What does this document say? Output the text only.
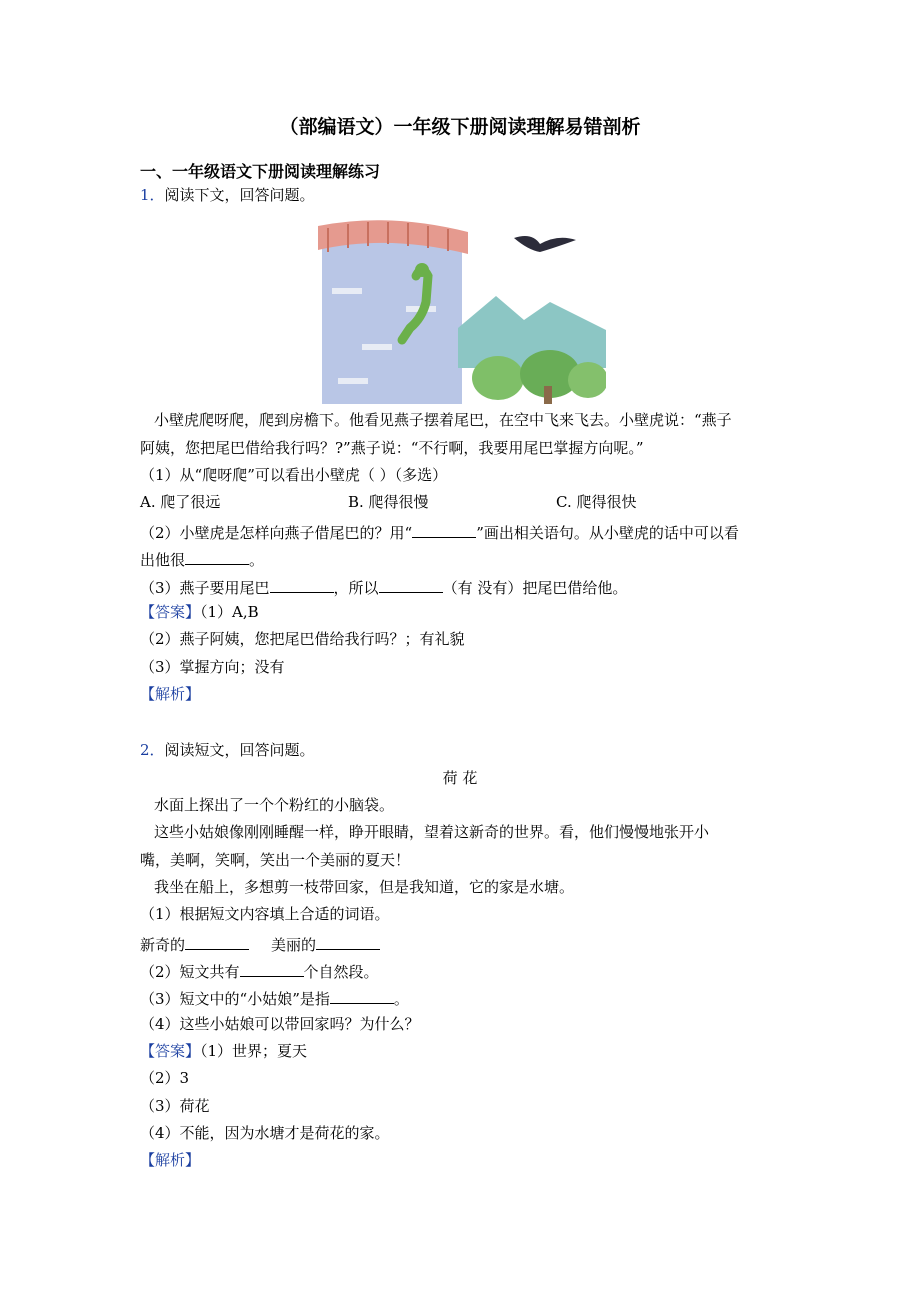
（部编语文）一年级下册阅读理解易错剖析
一、一年级语文下册阅读理解练习
1．阅读下文，回答问题。
小壁虎爬呀爬，爬到房檐下。他看见燕子摆着尾巴，在空中飞来飞去。小壁虎说：“燕子
阿姨，您把尾巴借给我行吗？?”燕子说：“不行啊，我要用尾巴掌握方向呢。”
（1）从“爬呀爬”可以看出小壁虎（ ）（多选）
A. 爬了很远	B. 爬得很慢	C. 爬得很快
（2）小壁虎是怎样向燕子借尾巴的？用“	”画出相关语句。从小壁虎的话中可以看
出他很	。
（3）燕子要用尾巴	，所以	（有 没有）把尾巴借给他。
【答案】（1）A,B
（2）燕子阿姨，您把尾巴借给我行吗？；有礼貌
（3）掌握方向；没有
【解析】
2．阅读短文，回答问题。
荷 花
水面上探出了一个个粉红的小脑袋。
这些小姑娘像刚刚睡醒一样，睁开眼睛，望着这新奇的世界。看，他们慢慢地张开小
嘴，美啊，笑啊，笑出一个美丽的夏天！
我坐在船上，多想剪一枝带回家，但是我知道，它的家是水塘。
（1）根据短文内容填上合适的词语。
新奇的	美丽的
（2）短文共有	个自然段。
（3）短文中的“小姑娘”是指	。
（4）这些小姑娘可以带回家吗？为什么？
【答案】（1）世界；夏天
（2）3
（3）荷花
（4）不能，因为水塘才是荷花的家。
【解析】
